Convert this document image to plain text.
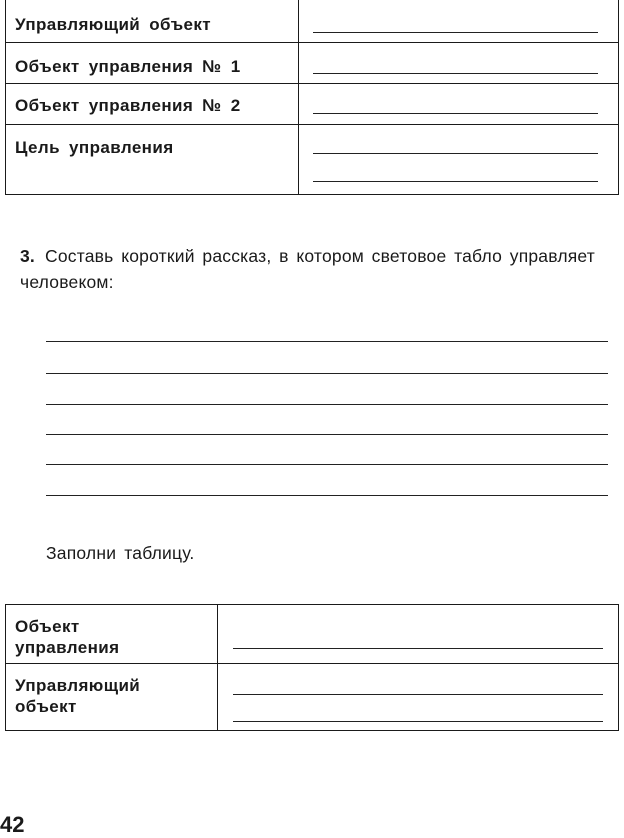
Управляющий объект
Объект управления № 1
Объект управления № 2
Цель управления
3. Составь короткий рассказ, в котором световое табло управляет человеком:
Заполни таблицу.
Объект
управления
Управляющий
объект
42
